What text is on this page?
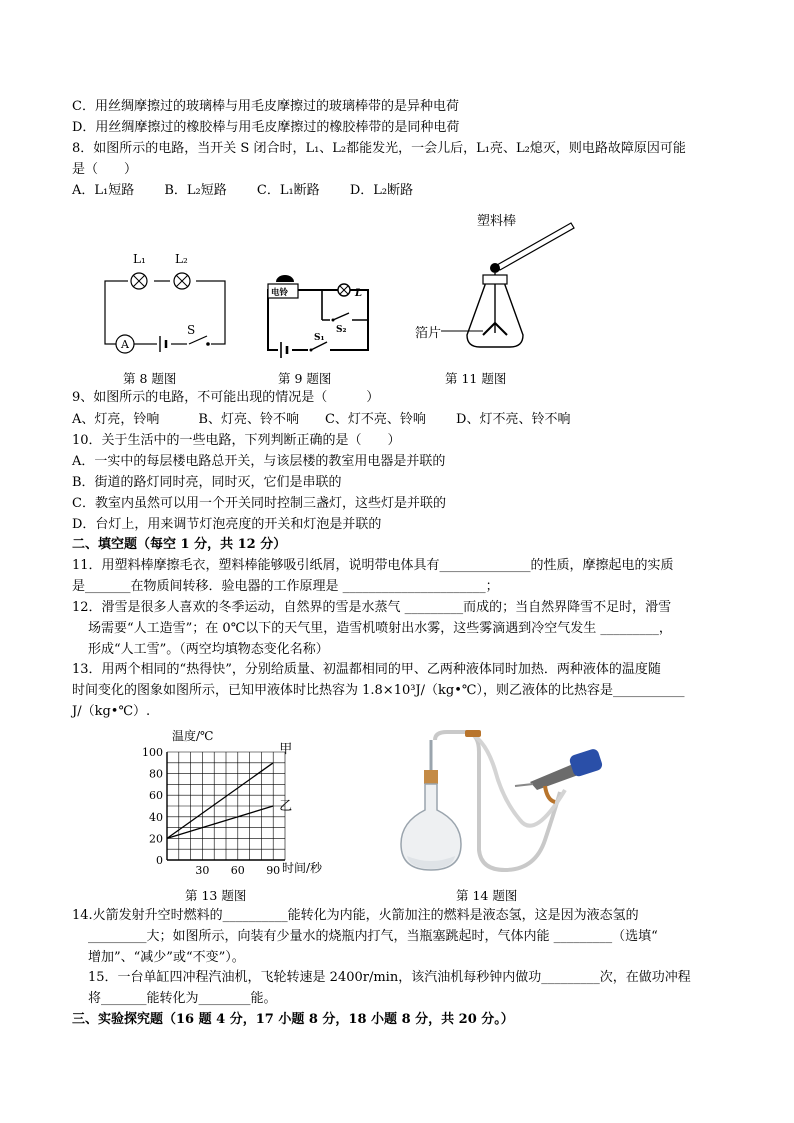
C．用丝绸摩擦过的玻璃棒与用毛皮摩擦过的玻璃棒带的是异种电荷
D．用丝绸摩擦过的橡胶棒与用毛皮摩擦过的橡胶棒带的是同种电荷
8．如图所示的电路，当开关 S 闭合时，L₁、L₂都能发光，一会儿后，L₁亮、L₂熄灭，则电路故障原因可能
是（　　）
A．L₁短路　　 B．L₂短路　　 C．L₁断路　　 D．L₂断路
L₁ L₂
A
S
电铃	L
S₂
S₁
塑料棒
箔片
第 8 题图	第 9 题图	第 11 题图
9、如图所示的电路，不可能出现的情况是（　　　）
A、灯亮，铃响　　　B、灯亮、铃不响　　C、灯不亮、铃响　　 D、灯不亮、铃不响
10．关于生活中的一些电路，下列判断正确的是（　　）
A．一实中的每层楼电路总开关，与该层楼的教室用电器是并联的
B．街道的路灯同时亮，同时灭，它们是串联的
C．教室内虽然可以用一个开关同时控制三盏灯，这些灯是并联的
D．台灯上，用来调节灯泡亮度的开关和灯泡是并联的
二、填空题（每空 1 分，共 12 分）
11．用塑料棒摩擦毛衣，塑料棒能够吸引纸屑，说明带电体具有______________的性质，摩擦起电的实质
是_______在物质间转移．验电器的工作原理是 ______________________；
12．滑雪是很多人喜欢的冬季运动，自然界的雪是水蒸气 _________而成的；当自然界降雪不足时，滑雪
场需要“人工造雪”；在 0℃以下的天气里，造雪机喷射出水雾，这些雾滴遇到冷空气发生 _________，
形成“人工雪”。（两空均填物态变化名称）
13．用两个相同的“热得快”，分别给质量、初温都相同的甲、乙两种液体同时加热．两种液体的温度随
时间变化的图象如图所示，已知甲液体时比热容为 1.8×10³J/（kg•℃），则乙液体的比热容是___________
J/（kg•℃）.
温度/℃
时间/秒
0
20
40
60
80
100
30 60 90
甲
乙
第 13 题图	第 14 题图
14.火箭发射升空时燃料的__________能转化为内能，火箭加注的燃料是液态氢，这是因为液态氢的
_________大；如图所示，向装有少量水的烧瓶内打气，当瓶塞跳起时，气体内能 _________（选填“
增加”、“减少”或“不变”）。
15．一台单缸四冲程汽油机，飞轮转速是 2400r/min，该汽油机每秒钟内做功_________次，在做功冲程
将_______能转化为________能。
三、实验探究题（16 题 4 分，17 小题 8 分，18 小题 8 分，共 20 分。）
